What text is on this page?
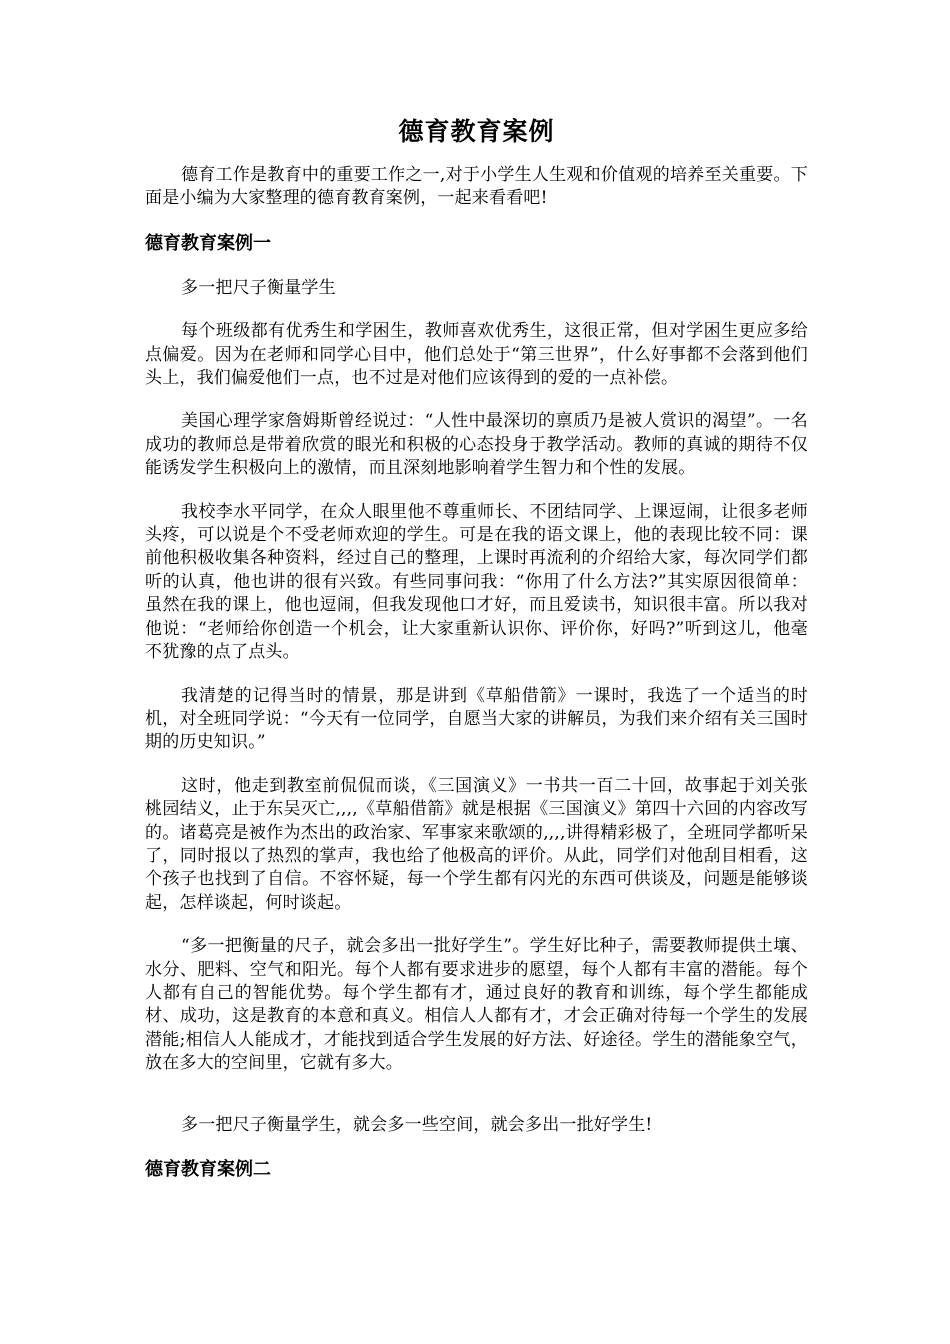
德育教育案例

德育工作是教育中的重要工作之一,对于小学生人生观和价值观的培养至关重要。下面是小编为大家整理的德育教育案例，一起来看看吧!

德育教育案例一

多一把尺子衡量学生

每个班级都有优秀生和学困生，教师喜欢优秀生，这很正常，但对学困生更应多给点偏爱。因为在老师和同学心目中，他们总处于“第三世界”，什么好事都不会落到他们头上，我们偏爱他们一点，也不过是对他们应该得到的爱的一点补偿。

美国心理学家詹姆斯曾经说过：“人性中最深切的禀质乃是被人赏识的渴望”。一名成功的教师总是带着欣赏的眼光和积极的心态投身于教学活动。教师的真诚的期待不仅能诱发学生积极向上的激情，而且深刻地影响着学生智力和个性的发展。

我校李水平同学，在众人眼里他不尊重师长、不团结同学、上课逗闹，让很多老师头疼，可以说是个不受老师欢迎的学生。可是在我的语文课上，他的表现比较不同：课前他积极收集各种资料，经过自己的整理，上课时再流利的介绍给大家，每次同学们都听的认真，他也讲的很有兴致。有些同事问我：“你用了什么方法?”其实原因很简单：虽然在我的课上，他也逗闹，但我发现他口才好，而且爱读书，知识很丰富。所以我对他说：“老师给你创造一个机会，让大家重新认识你、评价你，好吗?”听到这儿，他毫不犹豫的点了点头。

我清楚的记得当时的情景，那是讲到《草船借箭》一课时，我选了一个适当的时机，对全班同学说：“今天有一位同学，自愿当大家的讲解员，为我们来介绍有关三国时期的历史知识。”

这时，他走到教室前侃侃而谈，《三国演义》一书共一百二十回，故事起于刘关张桃园结义，止于东吴灭亡,,,,《草船借箭》就是根据《三国演义》第四十六回的内容改写的。诸葛亮是被作为杰出的政治家、军事家来歌颂的,,,,讲得精彩极了，全班同学都听呆了，同时报以了热烈的掌声，我也给了他极高的评价。从此，同学们对他刮目相看，这个孩子也找到了自信。不容怀疑，每一个学生都有闪光的东西可供谈及，问题是能够谈起，怎样谈起，何时谈起。

“多一把衡量的尺子，就会多出一批好学生”。学生好比种子，需要教师提供土壤、水分、肥料、空气和阳光。每个人都有要求进步的愿望，每个人都有丰富的潜能。每个人都有自己的智能优势。每个学生都有才，通过良好的教育和训练，每个学生都能成材、成功，这是教育的本意和真义。相信人人都有才，才会正确对待每一个学生的发展潜能;相信人人能成才，才能找到适合学生发展的好方法、好途径。学生的潜能象空气，放在多大的空间里，它就有多大。

多一把尺子衡量学生，就会多一些空间，就会多出一批好学生!

德育教育案例二
